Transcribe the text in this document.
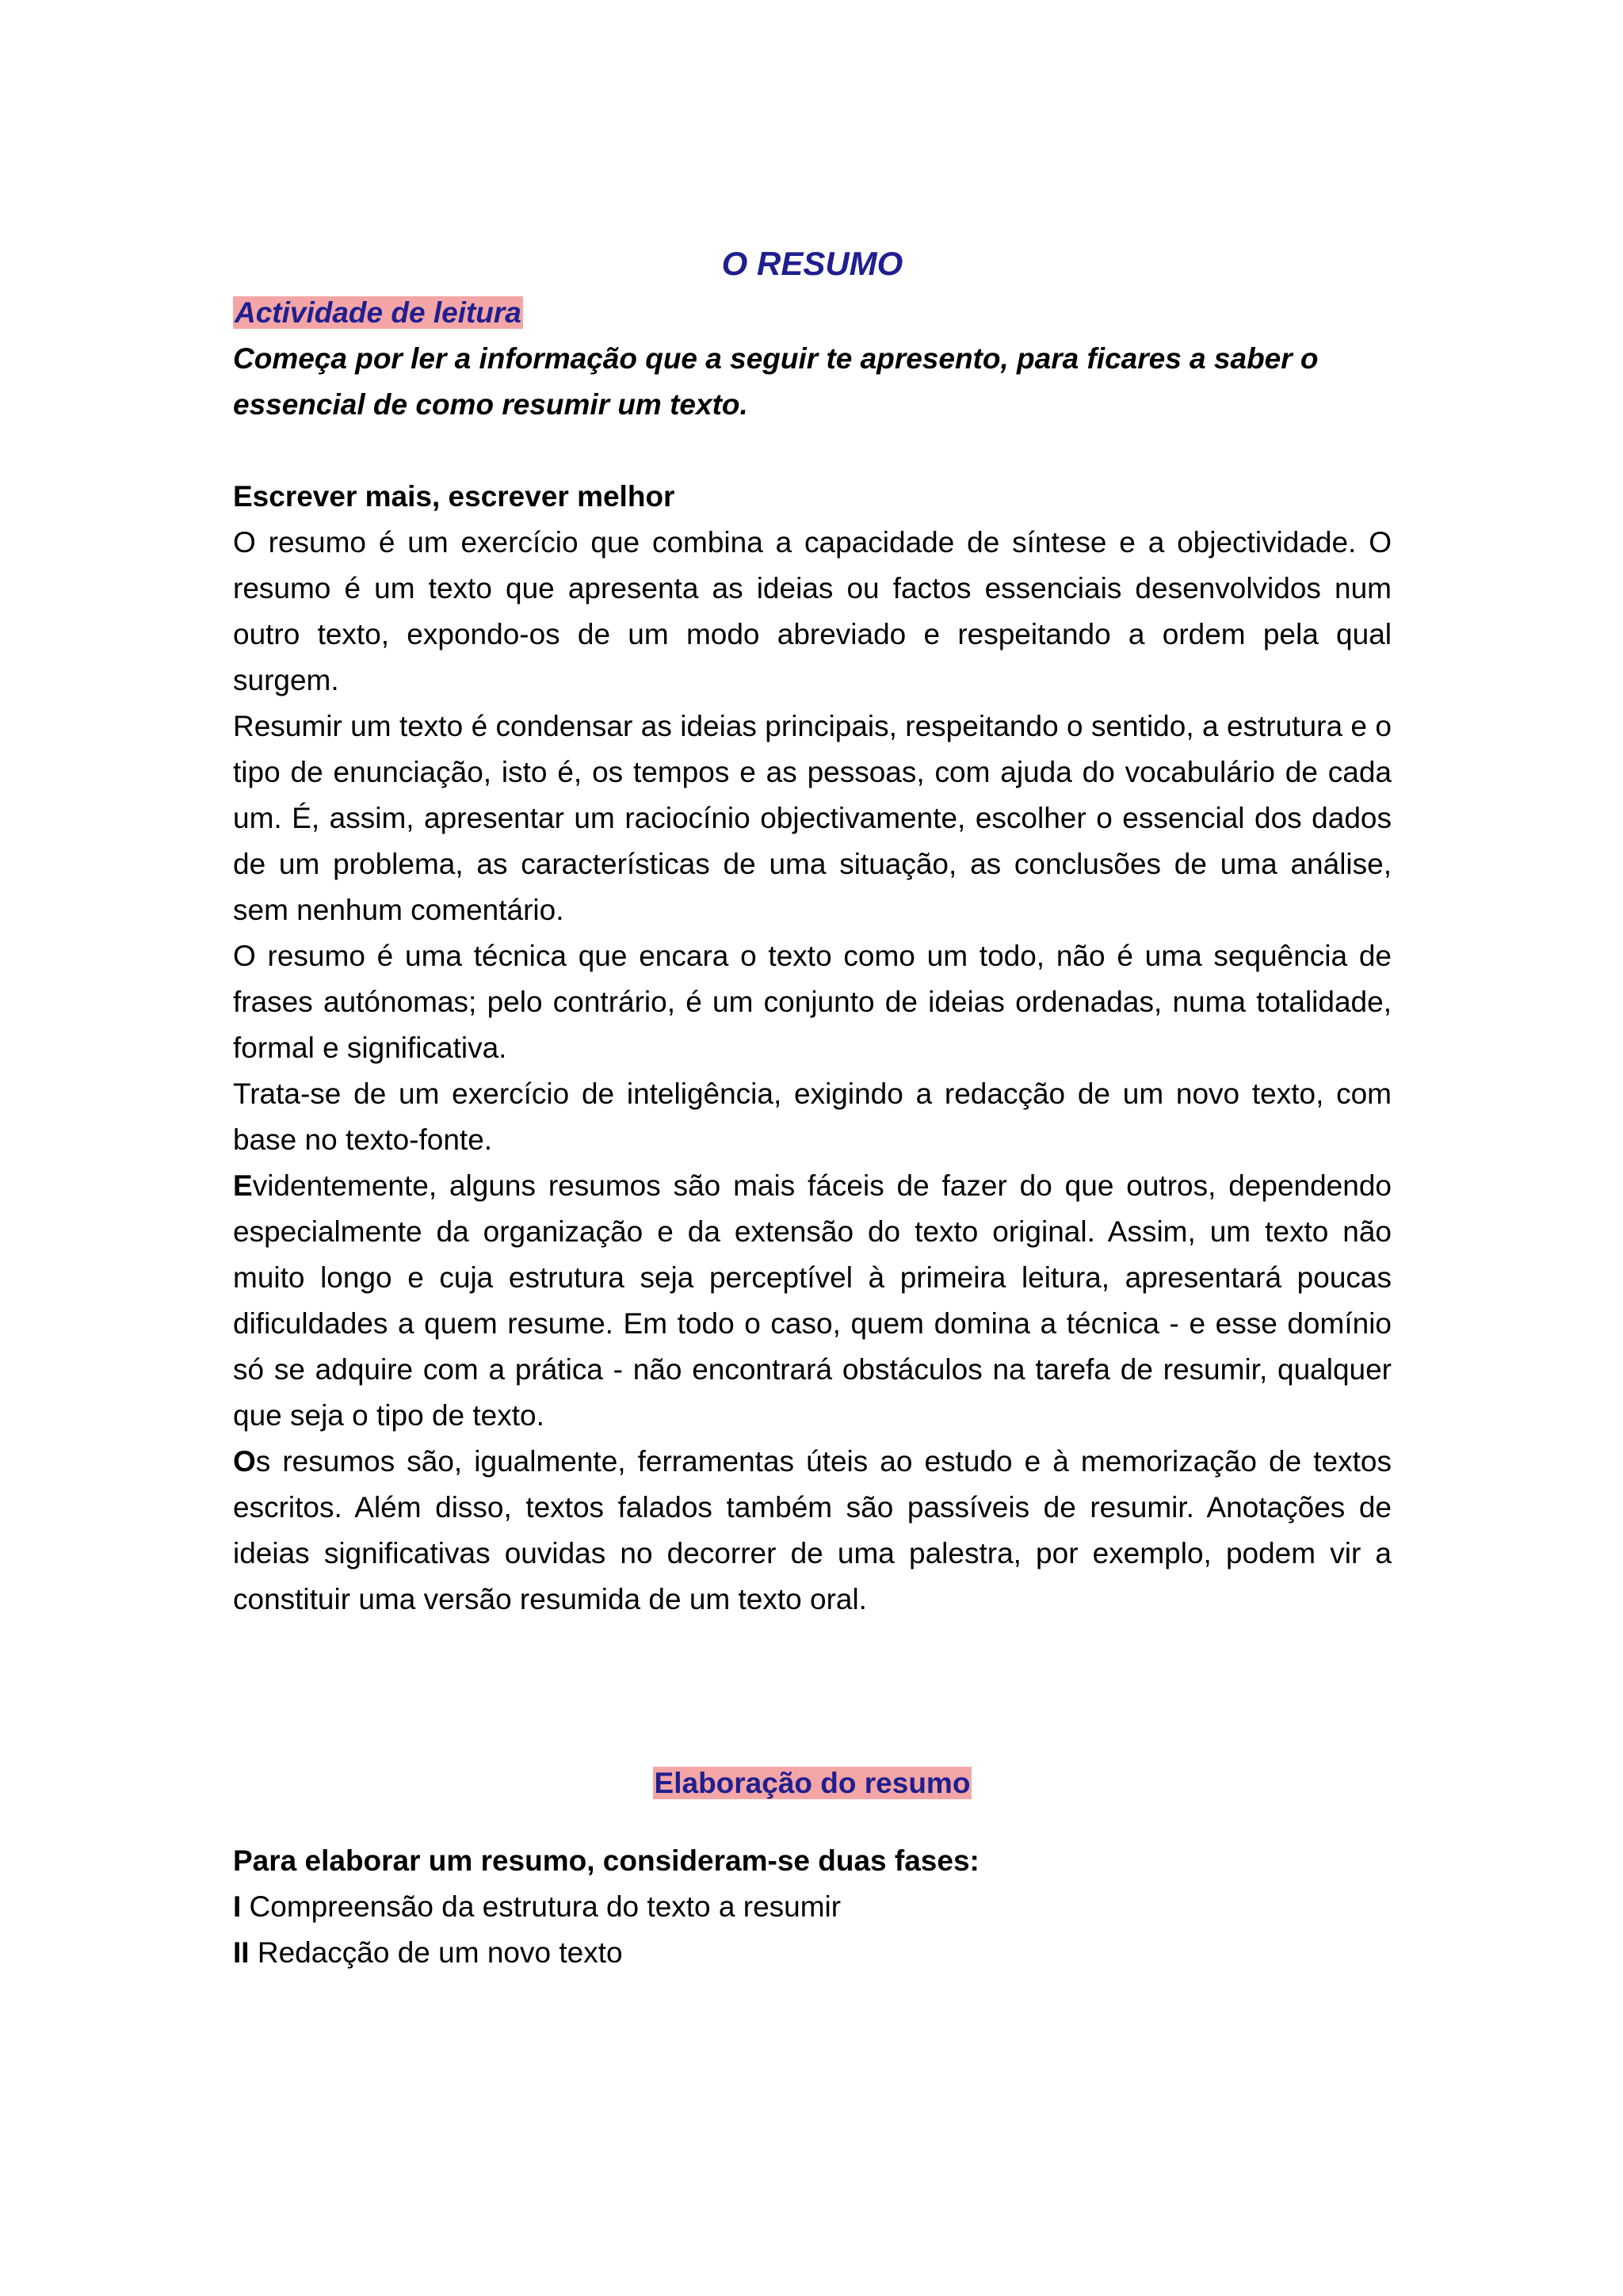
O RESUMO
Actividade de leitura

Começa por ler a informação que a seguir te apresento, para ficares a saber o essencial de como resumir um texto.

Escrever mais, escrever melhor

O resumo é um exercício que combina a capacidade de síntese e a objectividade. O resumo é um texto que apresenta as ideias ou factos essenciais desenvolvidos num outro texto, expondo-os de um modo abreviado e respeitando a ordem pela qual surgem.

Resumir um texto é condensar as ideias principais, respeitando o sentido, a estrutura e o tipo de enunciação, isto é, os tempos e as pessoas, com ajuda do vocabulário de cada um. É, assim, apresentar um raciocínio objectivamente, escolher o essencial dos dados de um problema, as características de uma situação, as conclusões de uma análise, sem nenhum comentário.

O resumo é uma técnica que encara o texto como um todo, não é uma sequência de frases autónomas; pelo contrário, é um conjunto de ideias ordenadas, numa totalidade, formal e significativa.

Trata-se de um exercício de inteligência, exigindo a redacção de um novo texto, com base no texto-fonte.

Evidentemente, alguns resumos são mais fáceis de fazer do que outros, dependendo especialmente da organização e da extensão do texto original. Assim, um texto não muito longo e cuja estrutura seja perceptível à primeira leitura, apresentará poucas dificuldades a quem resume. Em todo o caso, quem domina a técnica - e esse domínio só se adquire com a prática - não encontrará obstáculos na tarefa de resumir, qualquer que seja o tipo de texto.

Os resumos são, igualmente, ferramentas úteis ao estudo e à memorização de textos escritos. Além disso, textos falados também são passíveis de resumir. Anotações de ideias significativas ouvidas no decorrer de uma palestra, por exemplo, podem vir a constituir uma versão resumida de um texto oral.

Elaboração do resumo

Para elaborar um resumo, consideram-se duas fases:

I Compreensão da estrutura do texto a resumir

II Redacção de um novo texto
